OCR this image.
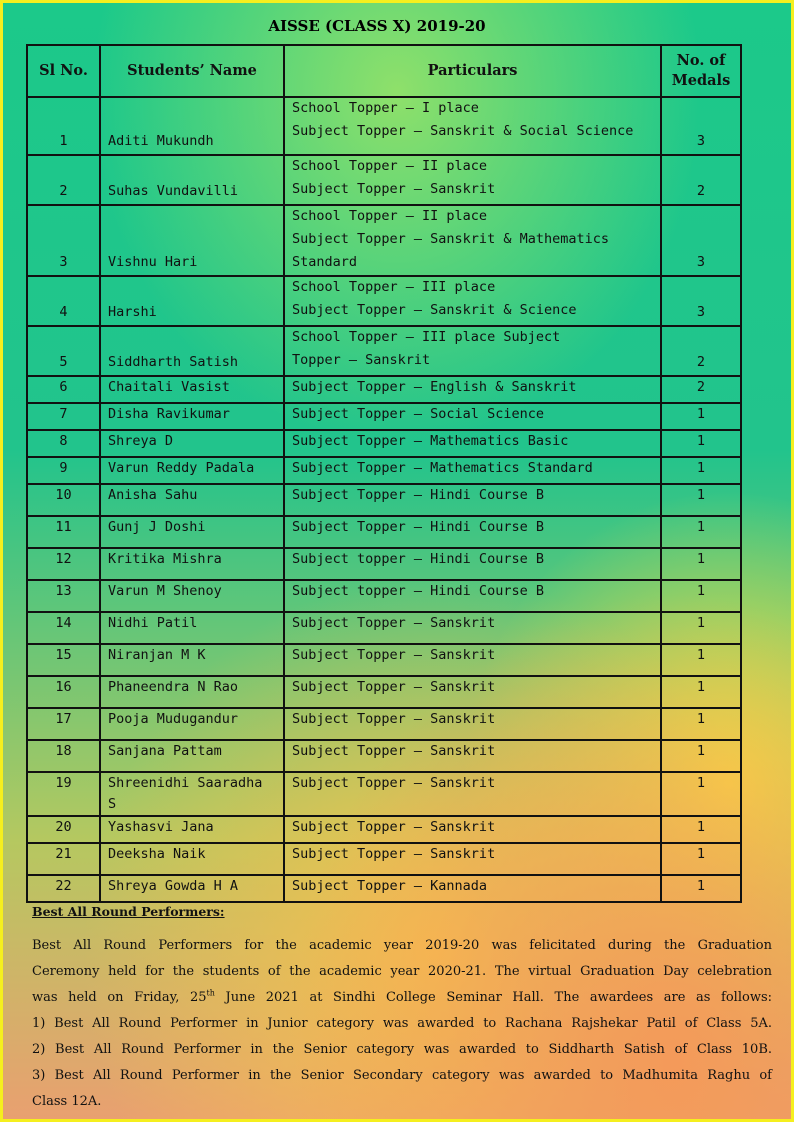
AISSE (CLASS X) 2019-20
Sl No.	Students’ Name	Particulars	No. of
Medals
1	Aditi Mukundh	School Topper – I place
Subject Topper – Sanskrit & Social Science	3
2	Suhas Vundavilli	School Topper – II place
Subject Topper – Sanskrit	2
3	Vishnu Hari	School Topper – II place
Subject Topper – Sanskrit & Mathematics
Standard	3
4	Harshi	School Topper – III place
Subject Topper – Sanskrit & Science	3
5	Siddharth Satish	School Topper – III place Subject
Topper – Sanskrit	2
6	Chaitali Vasist	Subject Topper – English & Sanskrit	2
7	Disha Ravikumar	Subject Topper – Social Science	1
8	Shreya D	Subject Topper – Mathematics Basic	1
9	Varun Reddy Padala	Subject Topper – Mathematics Standard	1
10	Anisha Sahu	Subject Topper – Hindi Course B	1
11	Gunj J Doshi	Subject Topper – Hindi Course B	1
12	Kritika Mishra	Subject topper – Hindi Course B	1
13	Varun M Shenoy	Subject topper – Hindi Course B	1
14	Nidhi Patil	Subject Topper – Sanskrit	1
15	Niranjan M K	Subject Topper – Sanskrit	1
16	Phaneendra N Rao	Subject Topper – Sanskrit	1
17	Pooja Mudugandur	Subject Topper – Sanskrit	1
18	Sanjana Pattam	Subject Topper – Sanskrit	1
19	Shreenidhi Saaradha S	Subject Topper – Sanskrit	1
20	Yashasvi Jana	Subject Topper – Sanskrit	1
21	Deeksha Naik	Subject Topper – Sanskrit	1
22	Shreya Gowda H A	Subject Topper – Kannada	1
Best All Round Performers:
Best All Round Performers for the academic year 2019-20 was felicitated during the Graduation
Ceremony held for the students of the academic year 2020-21. The virtual Graduation Day celebration
was held on Friday, 25th June 2021 at Sindhi College Seminar Hall. The awardees are as follows:
1) Best All Round Performer in Junior category was awarded to Rachana Rajshekar Patil of Class 5A.
2) Best All Round Performer in the Senior category was awarded to Siddharth Satish of Class 10B.
3) Best All Round Performer in the Senior Secondary category was awarded to Madhumita Raghu of
Class 12A.
